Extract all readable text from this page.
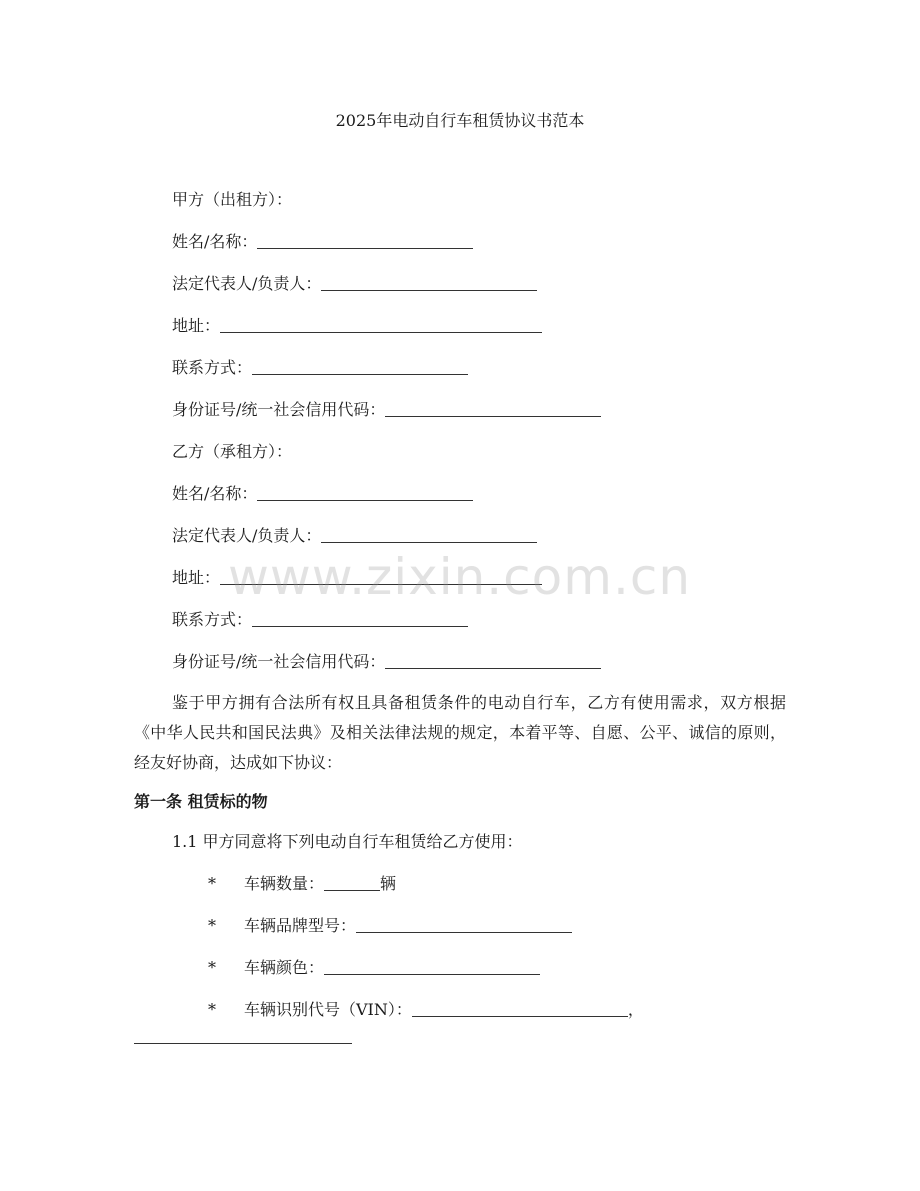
2025年电动自行车租赁协议书范本
甲方（出租方）：
姓名/名称：
法定代表人/负责人：
地址：
联系方式：
身份证号/统一社会信用代码：
乙方（承租方）：
姓名/名称：
法定代表人/负责人：
地址：
联系方式：
身份证号/统一社会信用代码：
www.zixin.com.cn
鉴于甲方拥有合法所有权且具备租赁条件的电动自行车，乙方有使用需求，双方根据《中华人民共和国民法典》及相关法律法规的规定，本着平等、自愿、公平、诚信的原则，经友好协商，达成如下协议：
第一条 租赁标的物
1.1 甲方同意将下列电动自行车租赁给乙方使用：
* 车辆数量：	辆
* 车辆品牌型号：
* 车辆颜色：
* 车辆识别代号（VIN）：	，
